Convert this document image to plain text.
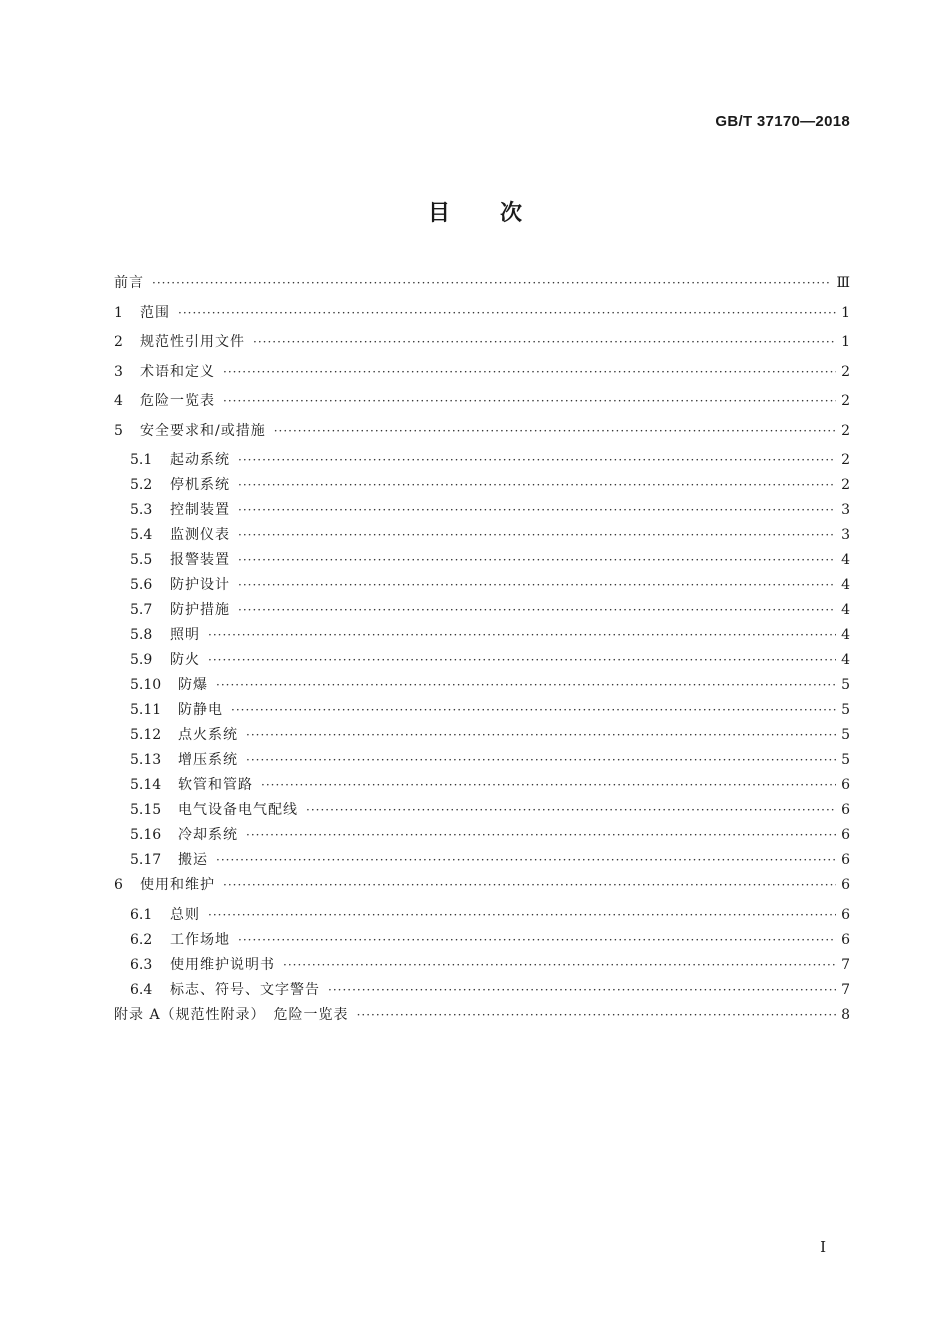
GB/T 37170—2018
目次
前言 ·····	Ⅲ
1	范围 ·····	1
2	规范性引用文件 ·····	1
3	术语和定义 ·····	2
4	危险一览表 ·····	2
5	安全要求和/或措施 ·····	2
5.1	起动系统 ·····	2
5.2	停机系统 ·····	2
5.3	控制装置 ·····	3
5.4	监测仪表 ·····	3
5.5	报警装置 ·····	4
5.6	防护设计 ·····	4
5.7	防护措施 ·····	4
5.8	照明 ·····	4
5.9	防火 ·····	4
5.10	防爆 ·····	5
5.11	防静电 ·····	5
5.12	点火系统 ·····	5
5.13	增压系统 ·····	5
5.14	软管和管路 ·····	6
5.15	电气设备电气配线 ·····	6
5.16	冷却系统 ·····	6
5.17	搬运 ·····	6
6	使用和维护 ·····	6
6.1	总则 ·····	6
6.2	工作场地 ·····	6
6.3	使用维护说明书 ·····	7
6.4	标志、符号、文字警告 ·····	7
附录 A（规范性附录）　危险一览表 ·····	8
Ⅰ
